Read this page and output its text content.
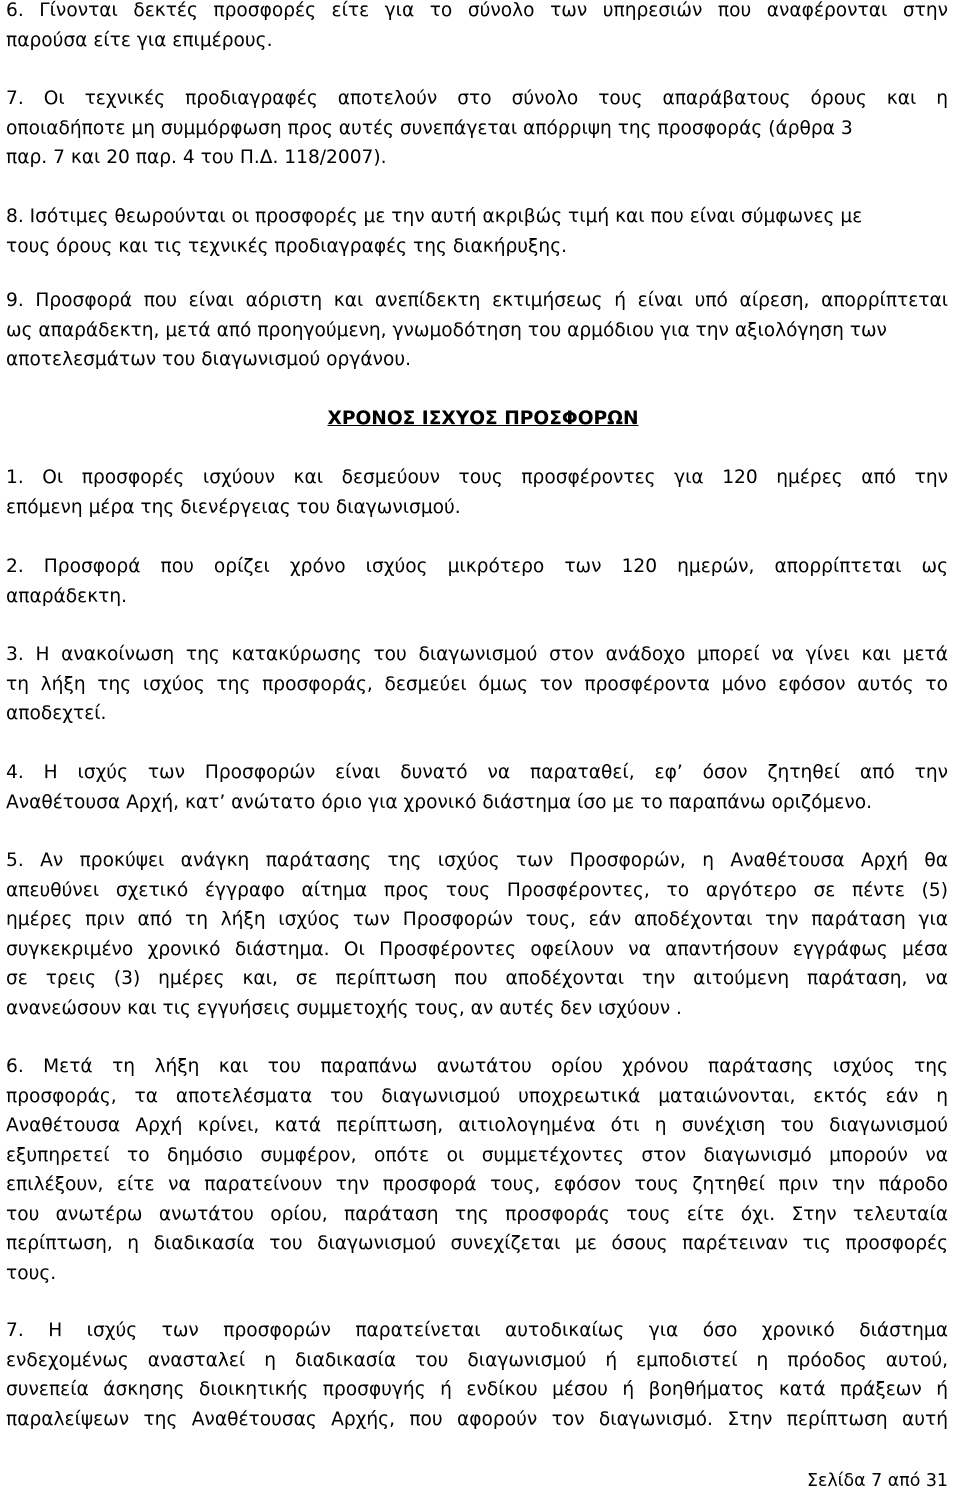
6. Γίνονται δεκτές προσφορές είτε για το σύνολο των υπηρεσιών που αναφέρονται στην
παρούσα είτε για επιμέρους.

7. Οι τεχνικές προδιαγραφές αποτελούν στο σύνολο τους απαράβατους όρους και η
οποιαδήποτε μη συμμόρφωση προς αυτές συνεπάγεται απόρριψη της προσφοράς (άρθρα 3
παρ. 7 και 20 παρ. 4 του Π.Δ. 118/2007).

8. Ισότιμες θεωρούνται οι προσφορές με την αυτή ακριβώς τιμή και που είναι σύμφωνες με
τους όρους και τις τεχνικές προδιαγραφές της διακήρυξης.

9. Προσφορά που είναι αόριστη και ανεπίδεκτη εκτιμήσεως ή είναι υπό αίρεση, απορρίπτεται
ως απαράδεκτη, μετά από προηγούμενη, γνωμοδότηση του αρμόδιου για την αξιολόγηση των
αποτελεσμάτων του διαγωνισμού οργάνου.

ΧΡΟΝΟΣ ΙΣΧΥΟΣ ΠΡΟΣΦΟΡΩΝ

1. Οι προσφορές ισχύουν και δεσμεύουν τους προσφέροντες για 120 ημέρες από την
επόμενη μέρα της διενέργειας του διαγωνισμού.

2. Προσφορά που ορίζει χρόνο ισχύος μικρότερο των 120 ημερών, απορρίπτεται ως
απαράδεκτη.

3. Η ανακοίνωση της κατακύρωσης του διαγωνισμού στον ανάδοχο μπορεί να γίνει και μετά
τη λήξη της ισχύος της προσφοράς, δεσμεύει όμως τον προσφέροντα μόνο εφόσον αυτός το
αποδεχτεί.

4. Η ισχύς των Προσφορών είναι δυνατό να παραταθεί, εφ’ όσον ζητηθεί από την
Αναθέτουσα Αρχή, κατ’ ανώτατο όριο για χρονικό διάστημα ίσο με το παραπάνω οριζόμενο.

5. Αν προκύψει ανάγκη παράτασης της ισχύος των Προσφορών, η Αναθέτουσα Αρχή θα
απευθύνει σχετικό έγγραφο αίτημα προς τους Προσφέροντες, το αργότερο σε πέντε (5)
ημέρες πριν από τη λήξη ισχύος των Προσφορών τους, εάν αποδέχονται την παράταση για
συγκεκριμένο χρονικό διάστημα. Οι Προσφέροντες οφείλουν να απαντήσουν εγγράφως μέσα
σε τρεις (3) ημέρες και, σε περίπτωση που αποδέχονται την αιτούμενη παράταση, να
ανανεώσουν και τις εγγυήσεις συμμετοχής τους, αν αυτές δεν ισχύουν .

6. Μετά τη λήξη και του παραπάνω ανωτάτου ορίου χρόνου παράτασης ισχύος της
προσφοράς, τα αποτελέσματα του διαγωνισμού υποχρεωτικά ματαιώνονται, εκτός εάν η
Αναθέτουσα Αρχή κρίνει, κατά περίπτωση, αιτιολογημένα ότι η συνέχιση του διαγωνισμού
εξυπηρετεί το δημόσιο συμφέρον, οπότε οι συμμετέχοντες στον διαγωνισμό μπορούν να
επιλέξουν, είτε να παρατείνουν την προσφορά τους, εφόσον τους ζητηθεί πριν την πάροδο
του ανωτέρω ανωτάτου ορίου, παράταση της προσφοράς τους είτε όχι. Στην τελευταία
περίπτωση, η διαδικασία του διαγωνισμού συνεχίζεται με όσους παρέτειναν τις προσφορές
τους.

7. Η ισχύς των προσφορών παρατείνεται αυτοδικαίως για όσο χρονικό διάστημα
ενδεχομένως ανασταλεί η διαδικασία του διαγωνισμού ή εμποδιστεί η πρόοδος αυτού,
συνεπεία άσκησης διοικητικής προσφυγής ή ενδίκου μέσου ή βοηθήματος κατά πράξεων ή
παραλείψεων της Αναθέτουσας Αρχής, που αφορούν τον διαγωνισμό. Στην περίπτωση αυτή

Σελίδα 7 από 31
